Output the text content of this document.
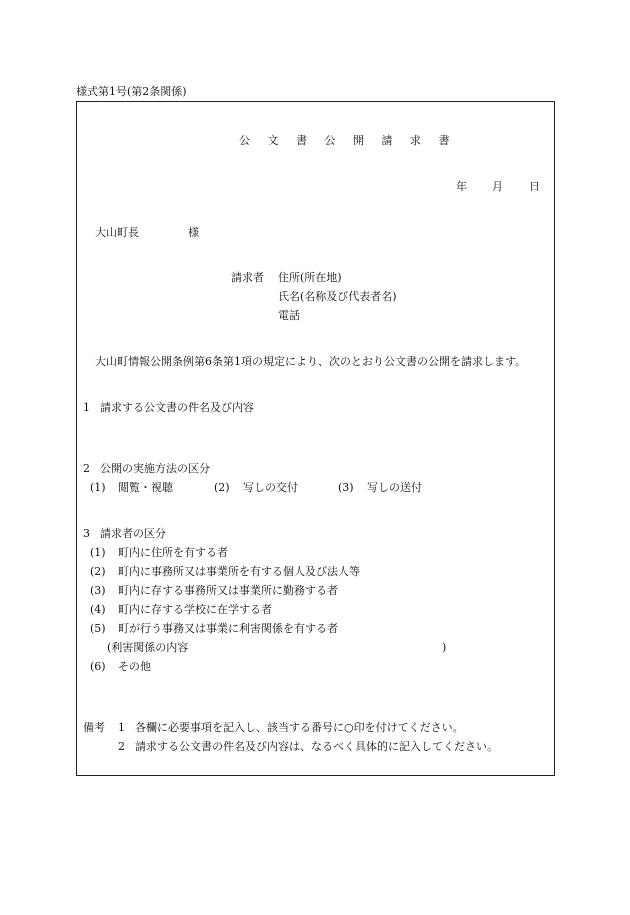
様式第1号(第2条関係)
公 文 書 公 開 請 求 書
年 月 日
大山町長	様
請求者 住所(所在地)
氏名(名称及び代表者名)
電話
大山町情報公開条例第6条第1項の規定により、次のとおり公文書の公開を請求します。
1 請求する公文書の件名及び内容
2 公開の実施方法の区分
(1) 閲覧・視聴	(2) 写しの交付	(3) 写しの送付
3 請求者の区分
(1) 町内に住所を有する者
(2) 町内に事務所又は事業所を有する個人及び法人等
(3) 町内に存する事務所又は事業所に勤務する者
(4) 町内に存する学校に在学する者
(5) 町が行う事務又は事業に利害関係を有する者
(利害関係の内容	)
(6) その他
備考 1 各欄に必要事項を記入し、該当する番号に○印を付けてください。
2 請求する公文書の件名及び内容は、なるべく具体的に記入してください。
